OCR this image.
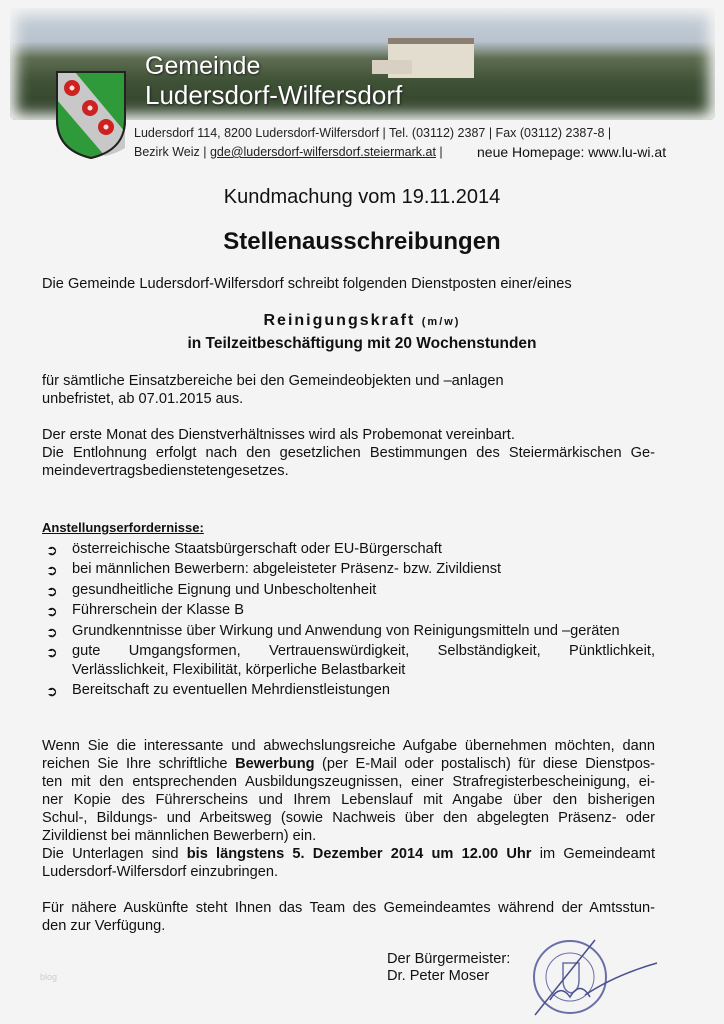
Gemeinde
Ludersdorf-Wilfersdorf
Ludersdorf 114, 8200 Ludersdorf-Wilfersdorf | Tel. (03112) 2387 | Fax (03112) 2387-8 |
Bezirk Weiz | gde@ludersdorf-wilfersdorf.steiermark.at | neue Homepage: www.lu-wi.at
Kundmachung vom 19.11.2014
Stellenausschreibungen
Die Gemeinde Ludersdorf-Wilfersdorf schreibt folgenden Dienstposten einer/eines
Reinigungskraft (m/w)
in Teilzeitbeschäftigung mit 20 Wochenstunden
für sämtliche Einsatzbereiche bei den Gemeindeobjekten und –anlagen
unbefristet, ab 07.01.2015 aus.
Der erste Monat des Dienstverhältnisses wird als Probemonat vereinbart.
Die Entlohnung erfolgt nach den gesetzlichen Bestimmungen des Steiermärkischen Ge-
meindevertragsbedienstetengesetzes.
Anstellungserfordernisse:
➲ österreichische Staatsbürgerschaft oder EU-Bürgerschaft
➲ bei männlichen Bewerbern: abgeleisteter Präsenz- bzw. Zivildienst
➲ gesundheitliche Eignung und Unbescholtenheit
➲ Führerschein der Klasse B
➲ Grundkenntnisse über Wirkung und Anwendung von Reinigungsmitteln und –geräten
➲ gute Umgangsformen, Vertrauenswürdigkeit, Selbständigkeit, Pünktlichkeit,
Verlässlichkeit, Flexibilität, körperliche Belastbarkeit
➲ Bereitschaft zu eventuellen Mehrdienstleistungen
Wenn Sie die interessante und abwechslungsreiche Aufgabe übernehmen möchten, dann
reichen Sie Ihre schriftliche Bewerbung (per E-Mail oder postalisch) für diese Dienstpos-
ten mit den entsprechenden Ausbildungszeugnissen, einer Strafregisterbescheinigung, ei-
ner Kopie des Führerscheins und Ihrem Lebenslauf mit Angabe über den bisherigen
Schul-, Bildungs- und Arbeitsweg (sowie Nachweis über den abgelegten Präsenz- oder
Zivildienst bei männlichen Bewerbern) ein.
Die Unterlagen sind bis längstens 5. Dezember 2014 um 12.00 Uhr im Gemeindeamt
Ludersdorf-Wilfersdorf einzubringen.
Für nähere Auskünfte steht Ihnen das Team des Gemeindeamtes während der Amtsstun-
den zur Verfügung.
Der Bürgermeister:
Dr. Peter Moser
blog
